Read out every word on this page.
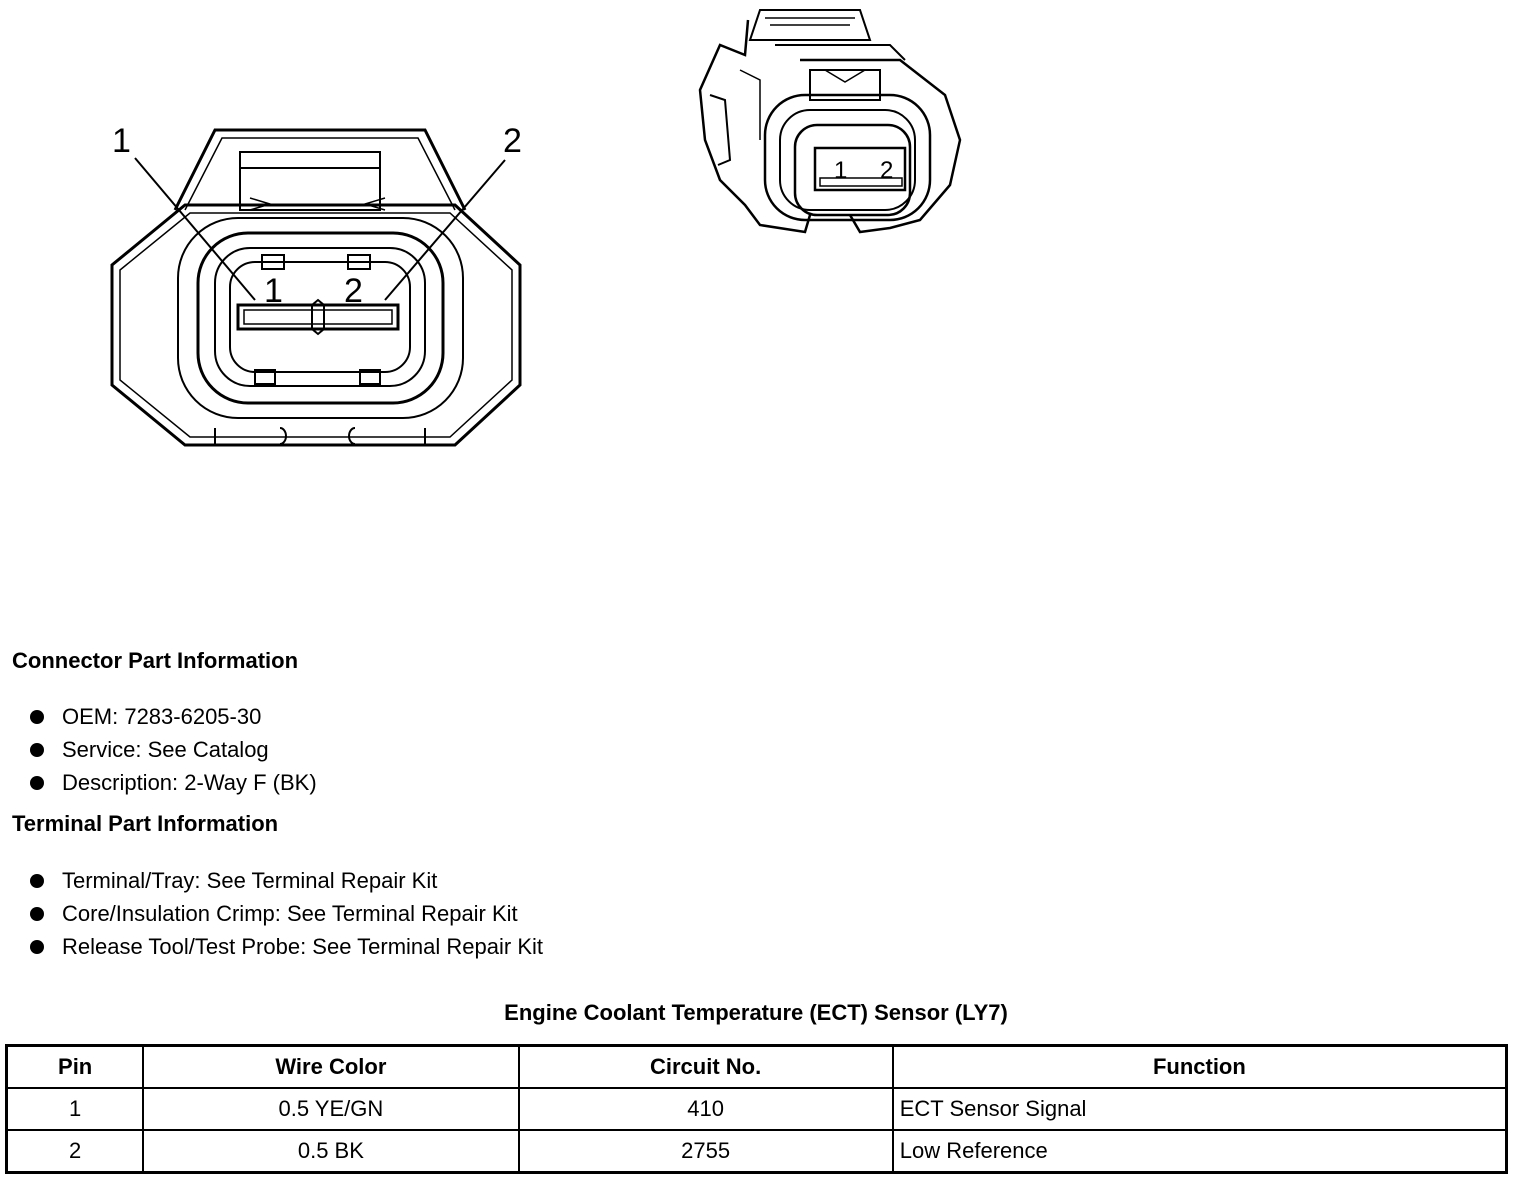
1	2
1 2
1 2
Connector Part Information
OEM: 7283-6205-30
Service: See Catalog
Description: 2-Way F (BK)
Terminal Part Information
Terminal/Tray: See Terminal Repair Kit
Core/Insulation Crimp: See Terminal Repair Kit
Release Tool/Test Probe: See Terminal Repair Kit
Engine Coolant Temperature (ECT) Sensor (LY7)
Pin	Wire Color	Circuit No.	Function
1	0.5 YE/GN	410	ECT Sensor Signal
2	0.5 BK	2755	Low Reference
